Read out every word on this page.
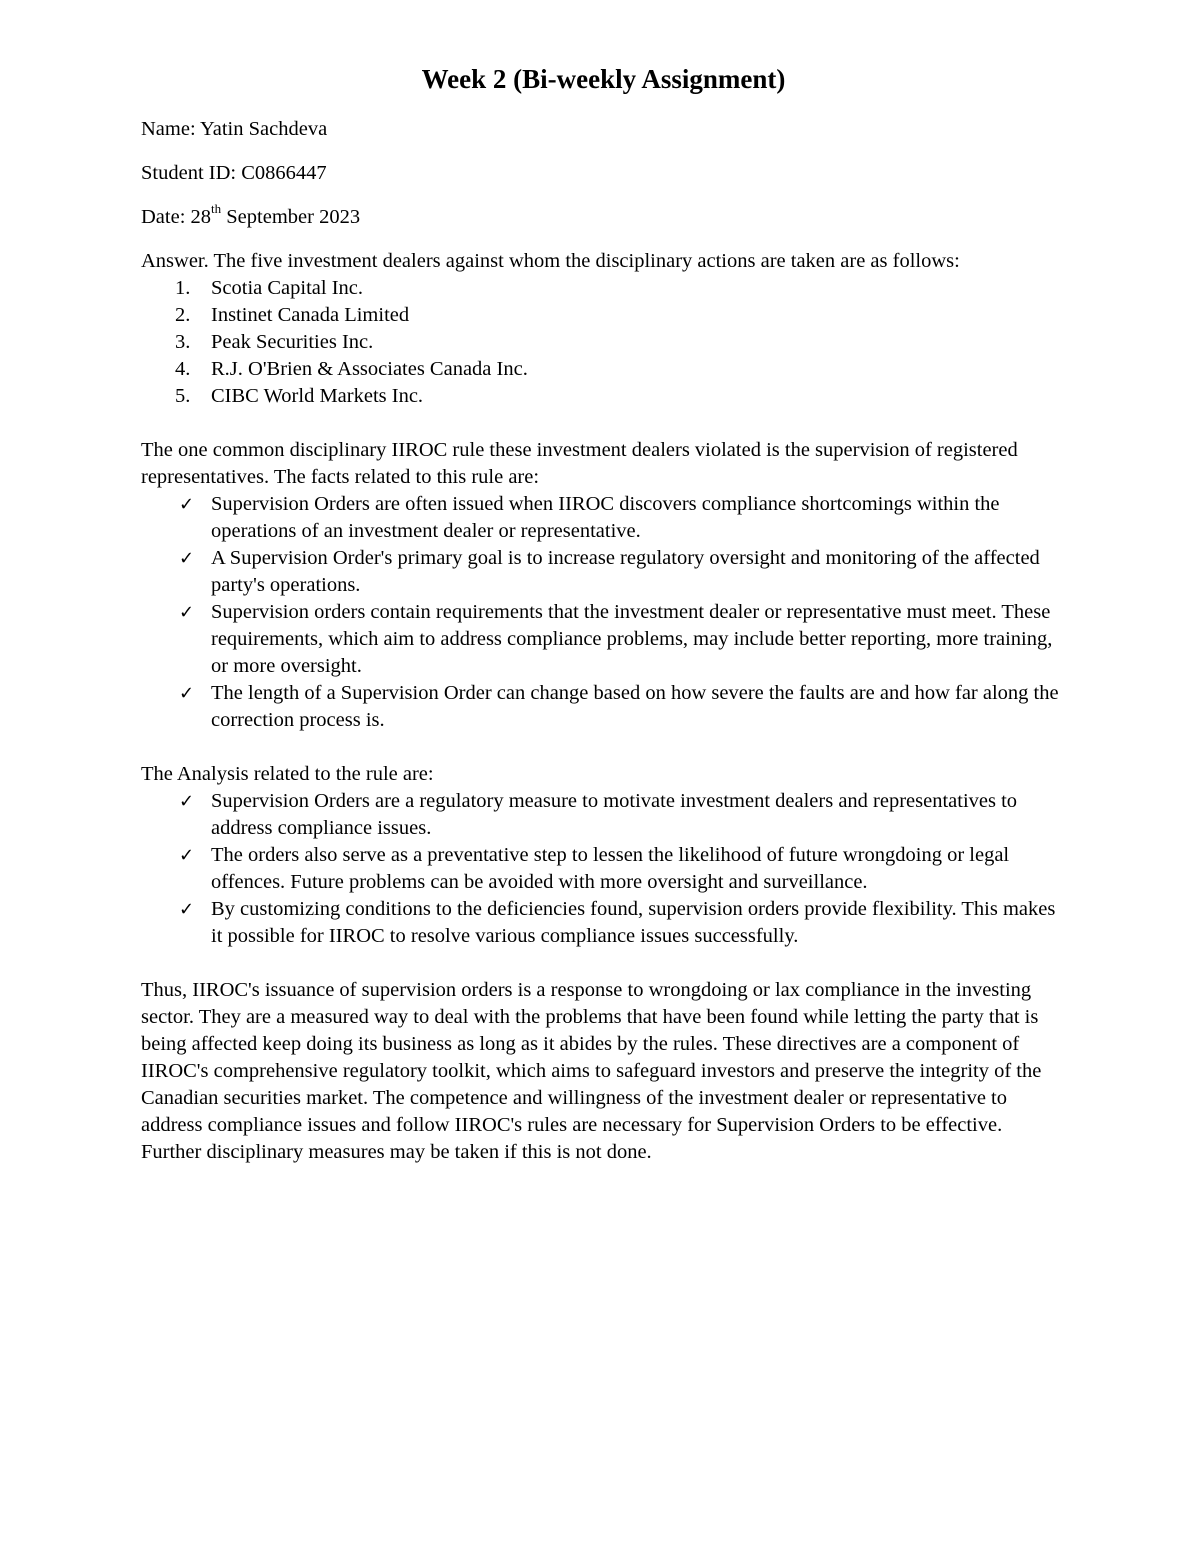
Week 2 (Bi-weekly Assignment)
Name: Yatin Sachdeva
Student ID: C0866447
Date: 28th September 2023

Answer. The five investment dealers against whom the disciplinary actions are taken are as follows:

1. Scotia Capital Inc.
2. Instinet Canada Limited
3. Peak Securities Inc.
4. R.J. O'Brien & Associates Canada Inc.
5. CIBC World Markets Inc.

The one common disciplinary IIROC rule these investment dealers violated is the supervision of registered representatives. The facts related to this rule are:

✓ Supervision Orders are often issued when IIROC discovers compliance shortcomings within the operations of an investment dealer or representative.
✓ A Supervision Order's primary goal is to increase regulatory oversight and monitoring of the affected party's operations.
✓ Supervision orders contain requirements that the investment dealer or representative must meet. These requirements, which aim to address compliance problems, may include better reporting, more training, or more oversight.
✓ The length of a Supervision Order can change based on how severe the faults are and how far along the correction process is.

The Analysis related to the rule are:

✓ Supervision Orders are a regulatory measure to motivate investment dealers and representatives to address compliance issues.
✓ The orders also serve as a preventative step to lessen the likelihood of future wrongdoing or legal offences. Future problems can be avoided with more oversight and surveillance.
✓ By customizing conditions to the deficiencies found, supervision orders provide flexibility. This makes it possible for IIROC to resolve various compliance issues successfully.

Thus, IIROC's issuance of supervision orders is a response to wrongdoing or lax compliance in the investing sector. They are a measured way to deal with the problems that have been found while letting the party that is being affected keep doing its business as long as it abides by the rules. These directives are a component of IIROC's comprehensive regulatory toolkit, which aims to safeguard investors and preserve the integrity of the Canadian securities market. The competence and willingness of the investment dealer or representative to address compliance issues and follow IIROC's rules are necessary for Supervision Orders to be effective. Further disciplinary measures may be taken if this is not done.
